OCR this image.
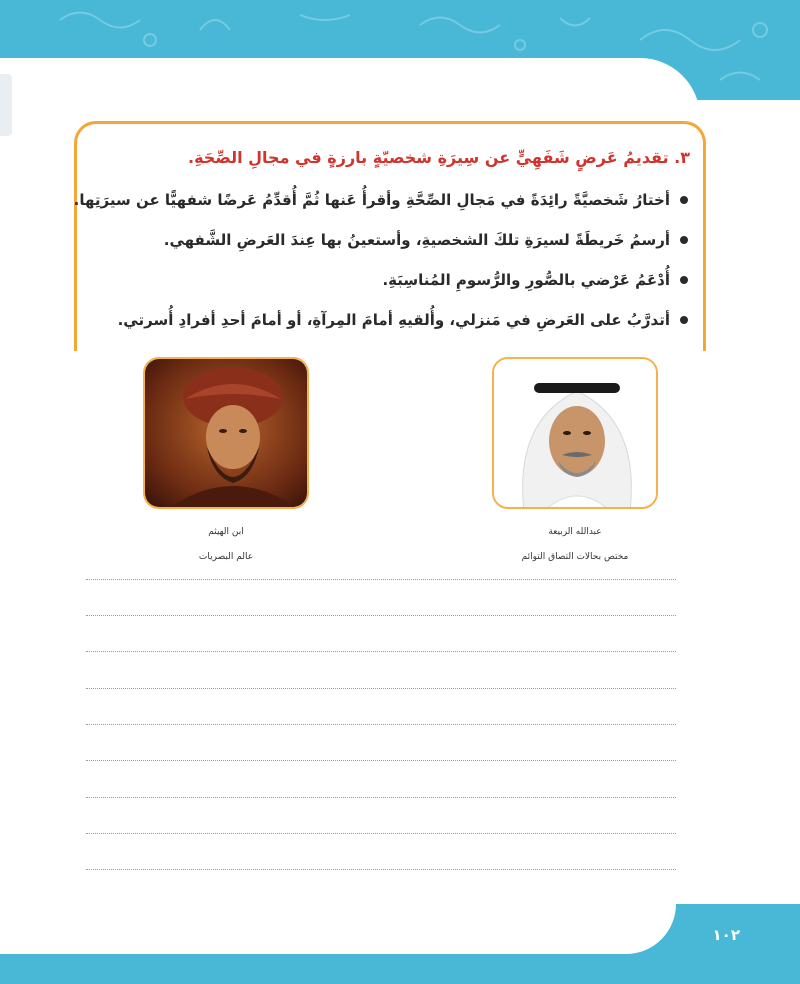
٣. تقديمُ عَرضٍ شَفَهِيٍّ عن سِيرَةِ شخصيّةٍ بارزةٍ في مجالِ الصِّحَةِ.
أختارُ شَخصيَّةً رائِدَةً في مَجالِ الصِّحَّةِ وأقرأُ عَنها ثُمَّ أُقدِّمُ عَرضًا شفهيًّا عن سيرَتِها.
أرسمُ خَريطَةً لسيرَةِ تلكَ الشخصيةِ، وأستعينُ بها عِندَ العَرضِ الشَّفهي.
أُدْعَمُ عَرْضي بالصُّورِ والرُّسومِ المُناسِبَةِ.
أتدرَّبُ على العَرضِ في مَنزلي، وأُلقيهِ أمامَ المِرآةِ، أو أمامَ أحدِ أفرادِ أُسرتي.
ابن الهيثم
عالم البصريات
عبدالله الربيعة
مختص بحالات التصاق التوائم
١٠٢
